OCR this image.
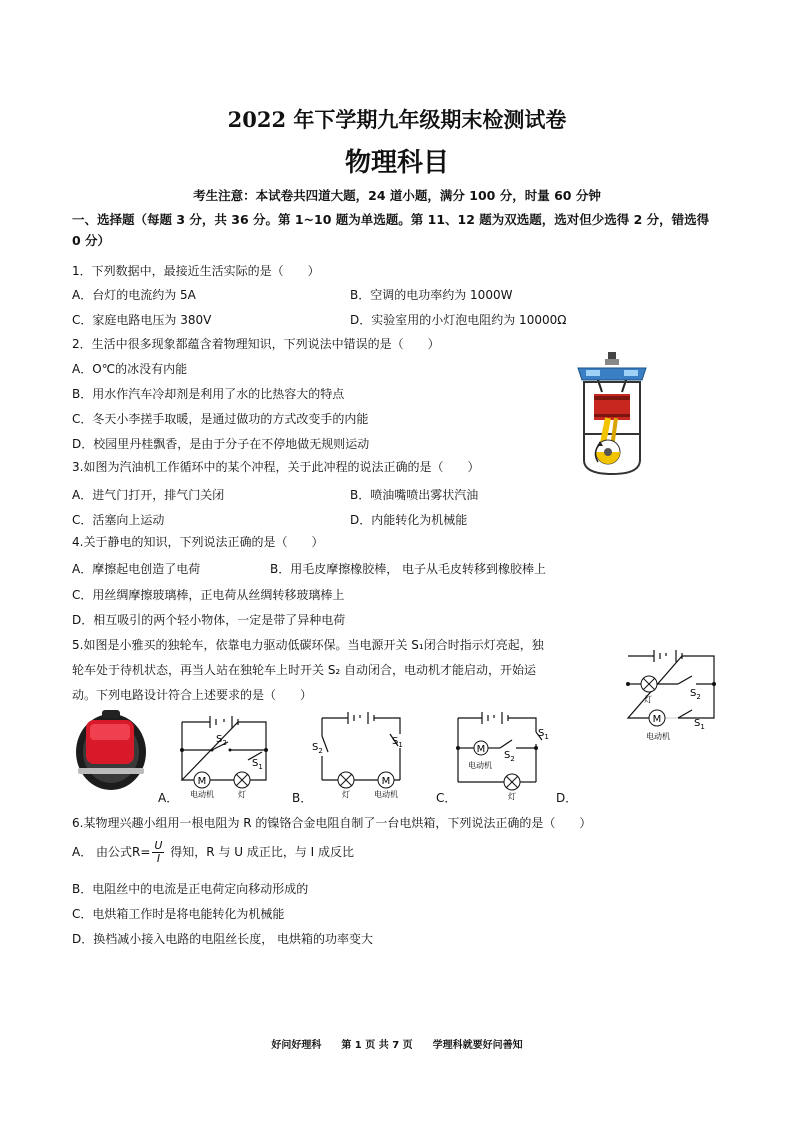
2022 年下学期九年级期末检测试卷
物理科目
考生注意：本试卷共四道大题，24 道小题，满分 100 分，时量 60 分钟
一、选择题（每题 3 分，共 36 分。第 1~10 题为单选题。第 11、12 题为双选题，选对但少选得 2 分，错选得 0 分）
1．下列数据中，最接近生活实际的是（　　）
A．台灯的电流约为 5A	B．空调的电功率约为 1000W
C．家庭电路电压为 380V	D．实验室用的小灯泡电阻约为 10000Ω
2．生活中很多现象都蕴含着物理知识，下列说法中错误的是（　　）
A．O℃的冰没有内能
B．用水作汽车冷却剂是利用了水的比热容大的特点
C．冬天小李搓手取暖，是通过做功的方式改变手的内能
D．校园里丹桂飘香，是由于分子在不停地做无规则运动
3.如图为汽油机工作循环中的某个冲程，关于此冲程的说法正确的是（　　）
A．进气门打开，排气门关闭	B．喷油嘴喷出雾状汽油
C．活塞向上运动	D．内能转化为机械能
4.关于静电的知识，下列说法正确的是（　　）
A．摩擦起电创造了电荷	B．用毛皮摩擦橡胶棒， 电子从毛皮转移到橡胶棒上
C．用丝绸摩擦玻璃棒，正电荷从丝绸转移玻璃棒上
D．相互吸引的两个轻小物体，一定是带了异种电荷
5.如图是小雅买的独轮车，依靠电力驱动低碳环保。当电源开关 S₁闭合时指示灯亮起，独
轮车处于待机状态，再当人站在独轮车上时开关 S₂ 自动闭合，电动机才能启动，开始运
动。下列电路设计符合上述要求的是（　　）
M
$S_2$
$S_1$
电动机	灯
A．
M
$S_2$
$S_1$
灯	电动机
B．
M
$S_2$
$S_1$
电动机
灯
C．	D．
M
灯
$S_2$
$S_1$
电动机
6.某物理兴趣小组用一根电阻为 R 的镍铬合金电阻自制了一台电烘箱，下列说法正确的是（　　）
A． 由公式$R= \frac{U}{I}$ 得知，R 与 U 成正比，与 I 成反比
B．电阻丝中的电流是正电荷定向移动形成的
C．电烘箱工作时是将电能转化为机械能
D．换档减小接入电路的电阻丝长度， 电烘箱的功率变大
好问好理科　　第 1 页 共 7 页　　学理科就要好问善知
